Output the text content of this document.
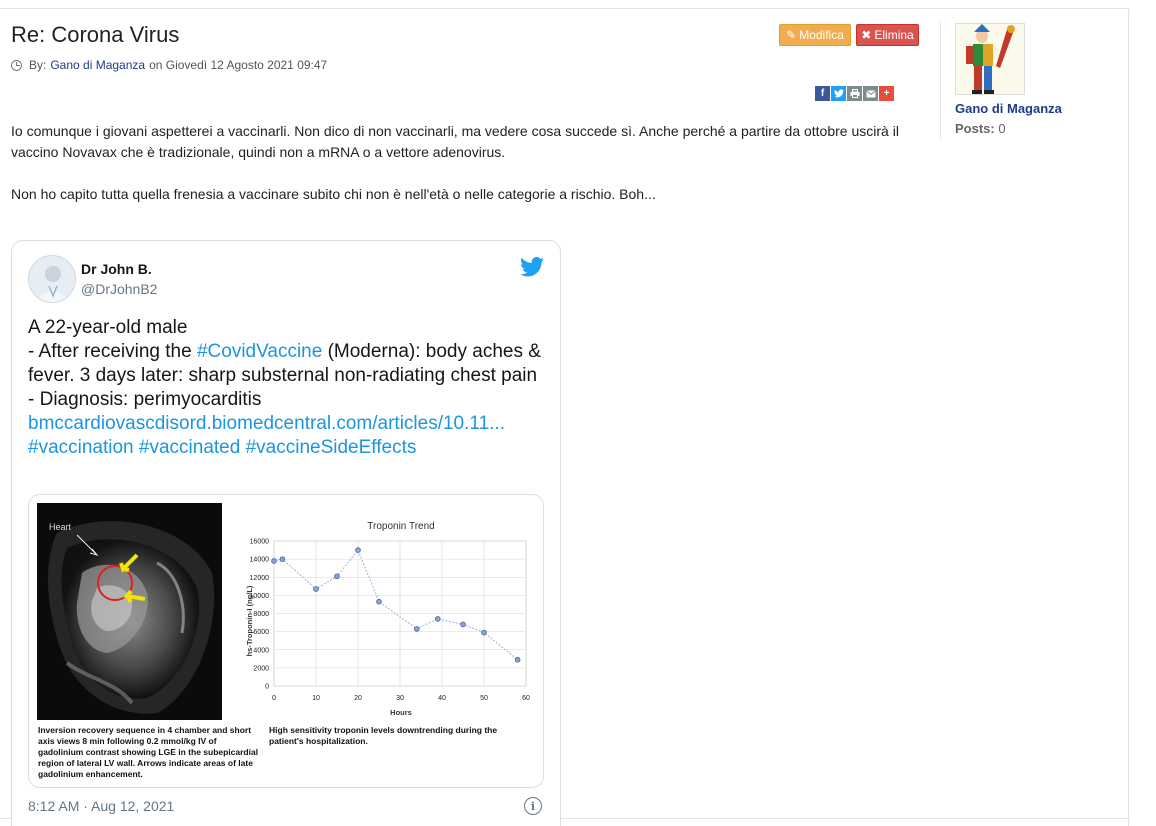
Re: Corona Virus
By: Gano di Maganza on Giovedì 12 Agosto 2021 09:47
✎ Modifica ✖ Elimina
f	+

Io comunque i giovani aspetterei a vaccinarli. Non dico di non vaccinarli, ma vedere cosa succede sì. Anche perché a partire da ottobre uscirà il vaccino Novavax che è tradizionale, quindi non a mRNA o a vettore adenovirus.

Non ho capito tutta quella frenesia a vaccinare subito chi non è nell'età o nelle categorie a rischio. Boh...

Gano di Maganza
Posts: 0
Dr John B.
@DrJohnB2
A 22-year-old male
- After receiving the #CovidVaccine (Moderna): body aches & fever. 3 days later: sharp substernal non-radiating chest pain
- Diagnosis: perimyocarditis
bmccardiovascdisord.biomedcentral.com/articles/10.11...
#vaccination #vaccinated #vaccineSideEffects
Heart	Troponin Trend
Hours
hs-Troponin-I (ng/L)
0
2000
4000
6000
8000
10000
12000
14000
16000
0	10	20	30	40	50	60
Inversion recovery sequence in 4 chamber and short axis views 8 min following 0.2 mmol/kg IV of gadolinium contrast showing LGE in the subepicardial region of lateral LV wall. Arrows indicate areas of late gadolinium enhancement.
High sensitivity troponin levels downtrending during the patient's hospitalization.
8:12 AM · Aug 12, 2021	i
